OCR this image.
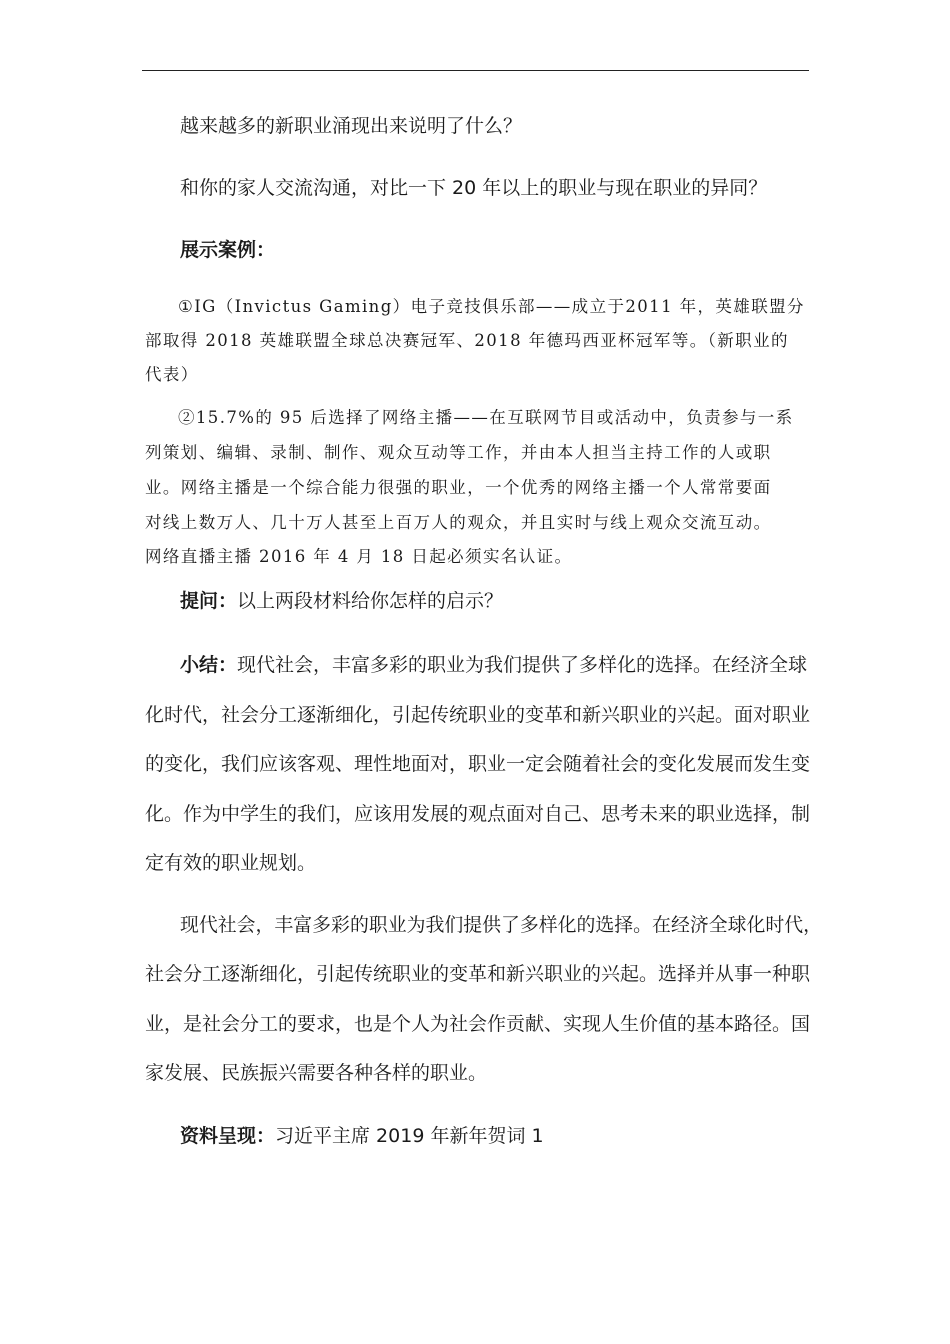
越来越多的新职业涌现出来说明了什么？

和你的家人交流沟通，对比一下 20 年以上的职业与现在职业的异同？

展示案例：

①IG（Invictus Gaming）电子竞技俱乐部——成立于2011 年，英雄联盟分

部取得 2018 英雄联盟全球总决赛冠军、2018 年德玛西亚杯冠军等。（新职业的

代表）

②15.7%的 95 后选择了网络主播——在互联网节目或活动中，负责参与一系

列策划、编辑、录制、制作、观众互动等工作，并由本人担当主持工作的人或职

业。网络主播是一个综合能力很强的职业，一个优秀的网络主播一个人常常要面

对线上数万人、几十万人甚至上百万人的观众，并且实时与线上观众交流互动。

网络直播主播 2016 年 4 月 18 日起必须实名认证。

提问：以上两段材料给你怎样的启示？

小结：现代社会，丰富多彩的职业为我们提供了多样化的选择。在经济全球

化时代，社会分工逐渐细化，引起传统职业的变革和新兴职业的兴起。面对职业

的变化，我们应该客观、理性地面对，职业一定会随着社会的变化发展而发生变

化。作为中学生的我们，应该用发展的观点面对自己、思考未来的职业选择，制

定有效的职业规划。

现代社会，丰富多彩的职业为我们提供了多样化的选择。在经济全球化时代，

社会分工逐渐细化，引起传统职业的变革和新兴职业的兴起。选择并从事一种职

业，是社会分工的要求，也是个人为社会作贡献、实现人生价值的基本路径。国

家发展、民族振兴需要各种各样的职业。

资料呈现：习近平主席 2019 年新年贺词 1
